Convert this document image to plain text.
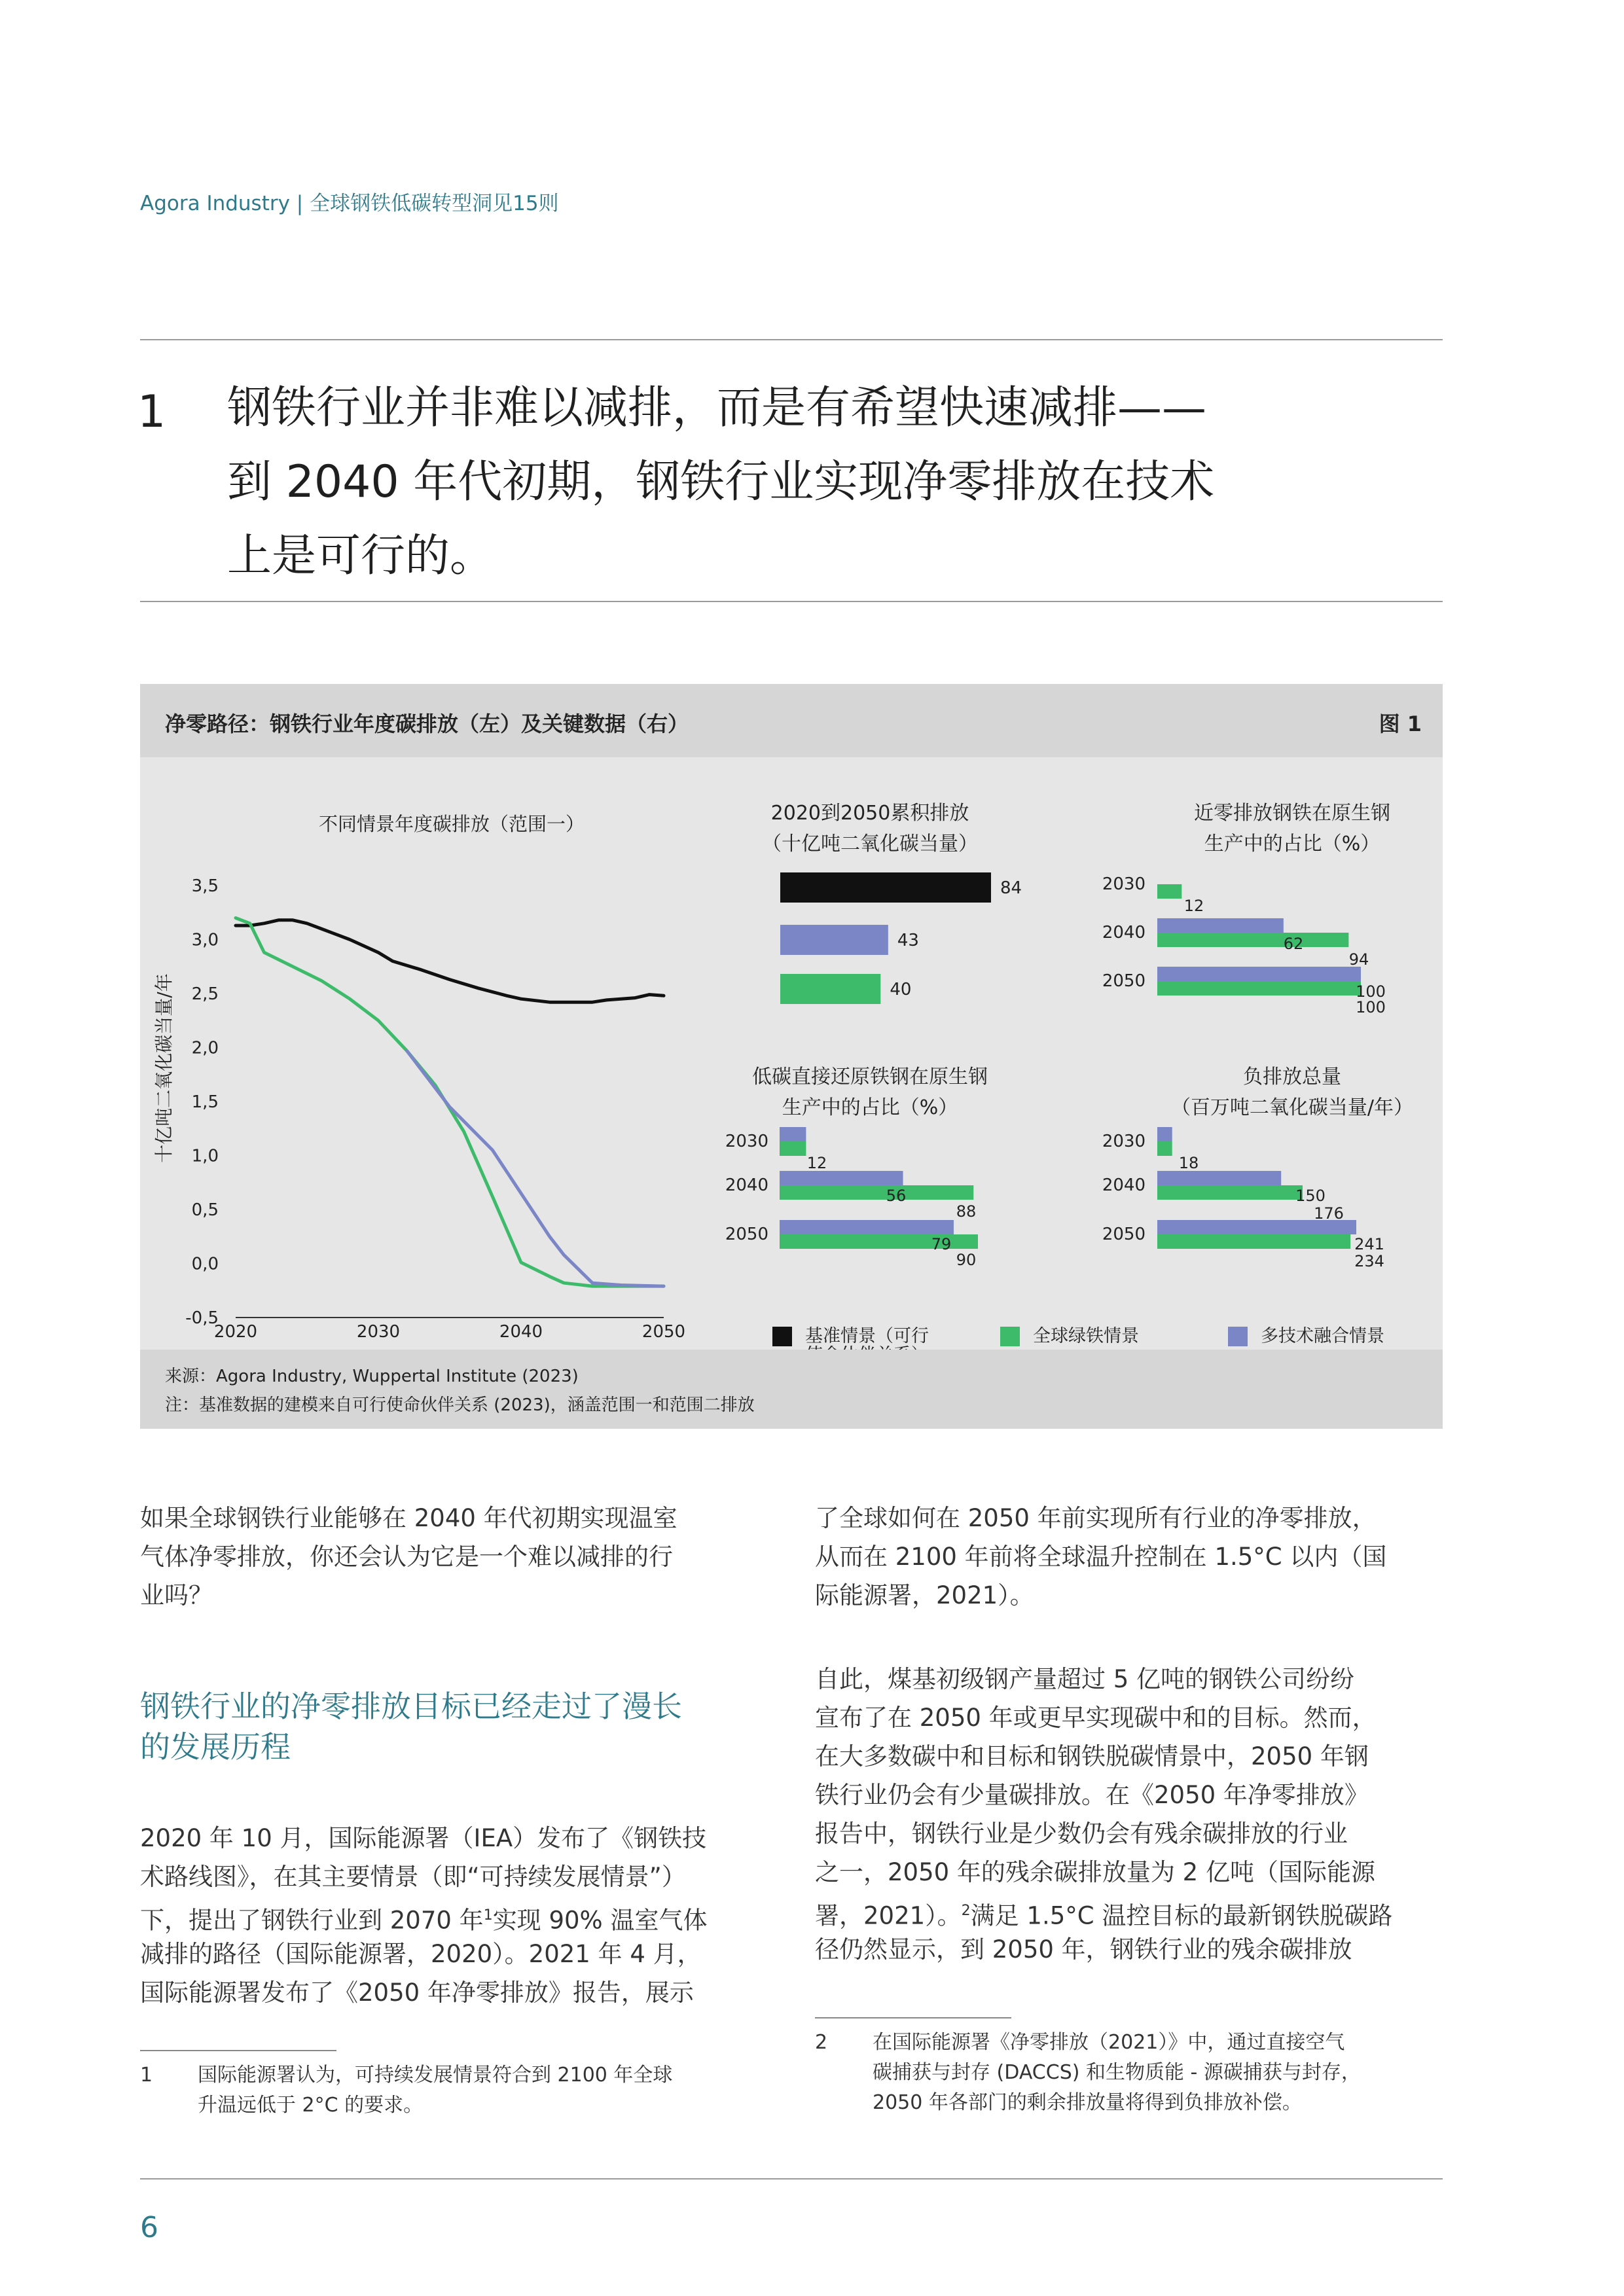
Agora Industry | 全球钢铁低碳转型洞见15则
1 钢铁行业并非难以减排，而是有希望快速减排——
到 2040 年代初期，钢铁行业实现净零排放在技术
上是可行的。
净零路径：钢铁行业年度碳排放（左）及关键数据（右）	图 1
不同情景年度碳排放（范围一）
十亿吨二氧化碳当量/年
3,5
3,0
2,5
2,0
1,5
1,0
0,5
0,0
-0,5
2020	2030	2040	2050
2020到2050累积排放
（十亿吨二氧化碳当量）
84
43
40
近零排放钢铁在原生钢
生产中的占比（%）
2030
2040
2050
12
62
94
100
100
低碳直接还原铁钢在原生钢
生产中的占比（%）
2030
2040
2050
12
56
88
79
90
负排放总量
（百万吨二氧化碳当量/年）
2030
2040
2050
18
150
176
241
234
基准情景（可行	全球绿铁情景	多技术融合情景
来源：Agora Industry, Wuppertal Institute (2023)
注：基准数据的建模来自可行使命伙伴关系 (2023)，涵盖范围一和范围二排放
如果全球钢铁行业能够在 2040 年代初期实现温室
气体净零排放，你还会认为它是一个难以减排的行
业吗？
钢铁行业的净零排放目标已经走过了漫长
的发展历程
2020 年 10 月，国际能源署（IEA）发布了《钢铁技
术路线图》，在其主要情景（即“可持续发展情景”）
下，提出了钢铁行业到 2070 年$^1$实现 90% 温室气体
减排的路径（国际能源署，2020）。2021 年 4 月，
国际能源署发布了《2050 年净零排放》报告，展示
1 国际能源署认为，可持续发展情景符合到 2100 年全球
升温远低于 2°C 的要求。
了全球如何在 2050 年前实现所有行业的净零排放，
从而在 2100 年前将全球温升控制在 1.5°C 以内（国
际能源署，2021）。
自此，煤基初级钢产量超过 5 亿吨的钢铁公司纷纷
宣布了在 2050 年或更早实现碳中和的目标。然而，
在大多数碳中和目标和钢铁脱碳情景中，2050 年钢
铁行业仍会有少量碳排放。在《2050 年净零排放》
报告中，钢铁行业是少数仍会有残余碳排放的行业
之一，2050 年的残余碳排放量为 2 亿吨（国际能源
署，2021）。$^2$满足 1.5°C 温控目标的最新钢铁脱碳路
径仍然显示，到 2050 年，钢铁行业的残余碳排放
2 在国际能源署《净零排放（2021）》中，通过直接空气
碳捕获与封存 (DACCS) 和生物质能 - 源碳捕获与封存，
2050 年各部门的剩余排放量将得到负排放补偿。
6
